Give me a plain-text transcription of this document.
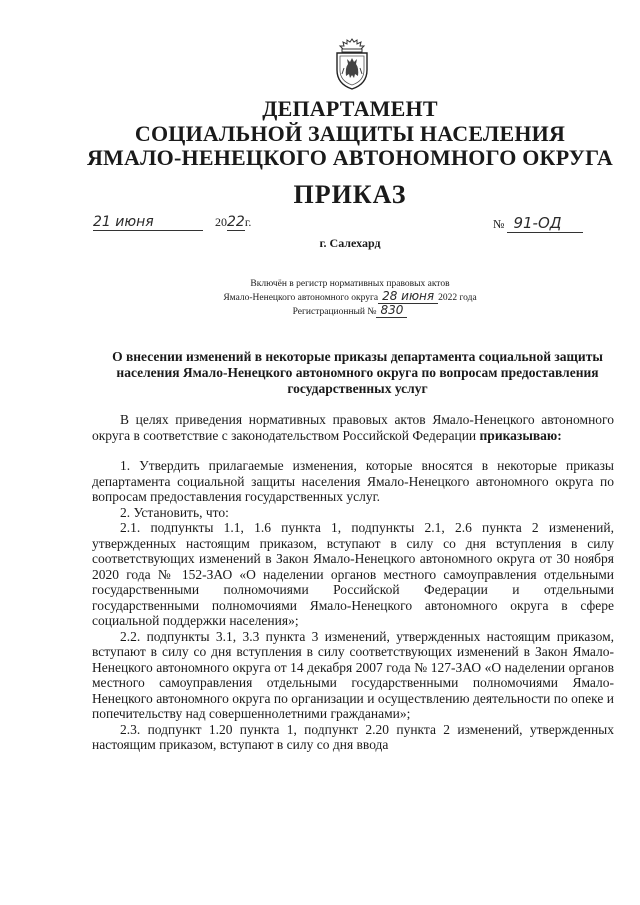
ДЕПАРТАМЕНТ
СОЦИАЛЬНОЙ ЗАЩИТЫ НАСЕЛЕНИЯ
ЯМАЛО-НЕНЕЦКОГО АВТОНОМНОГО ОКРУГА
ПРИКАЗ
21 июня	2022г.	№ 91-ОД
г. Салехард
Включён в регистр нормативных правовых актов
Ямало-Ненецкого автономного округа 28 июня 2022 года
Регистрационный № 830
О внесении изменений в некоторые приказы департамента социальной защиты населения Ямало-Ненецкого автономного округа по вопросам предоставления государственных услуг

В целях приведения нормативных правовых актов Ямало-Ненецкого автономного округа в соответствие с законодательством Российской Федерации приказываю:

1. Утвердить прилагаемые изменения, которые вносятся в некоторые приказы департамента социальной защиты населения Ямало-Ненецкого автономного округа по вопросам предоставления государственных услуг.

2. Установить, что:

2.1. подпункты 1.1, 1.6 пункта 1, подпункты 2.1, 2.6 пункта 2 изменений, утвержденных настоящим приказом, вступают в силу со дня вступления в силу соответствующих изменений в Закон Ямало-Ненецкого автономного округа от 30 ноября 2020 года № 152-ЗАО «О наделении органов местного самоуправления отдельными государственными полномочиями Российской Федерации и отдельными государственными полномочиями Ямало-Ненецкого автономного округа в сфере социальной поддержки населения»;

2.2. подпункты 3.1, 3.3 пункта 3 изменений, утвержденных настоящим приказом, вступают в силу со дня вступления в силу соответствующих изменений в Закон Ямало-Ненецкого автономного округа от 14 декабря 2007 года № 127-ЗАО «О наделении органов местного самоуправления отдельными государственными полномочиями Ямало-Ненецкого автономного округа по организации и осуществлению деятельности по опеке и попечительству над совершеннолетними гражданами»;

2.3. подпункт 1.20 пункта 1, подпункт 2.20 пункта 2 изменений, утвержденных настоящим приказом, вступают в силу со дня ввода
